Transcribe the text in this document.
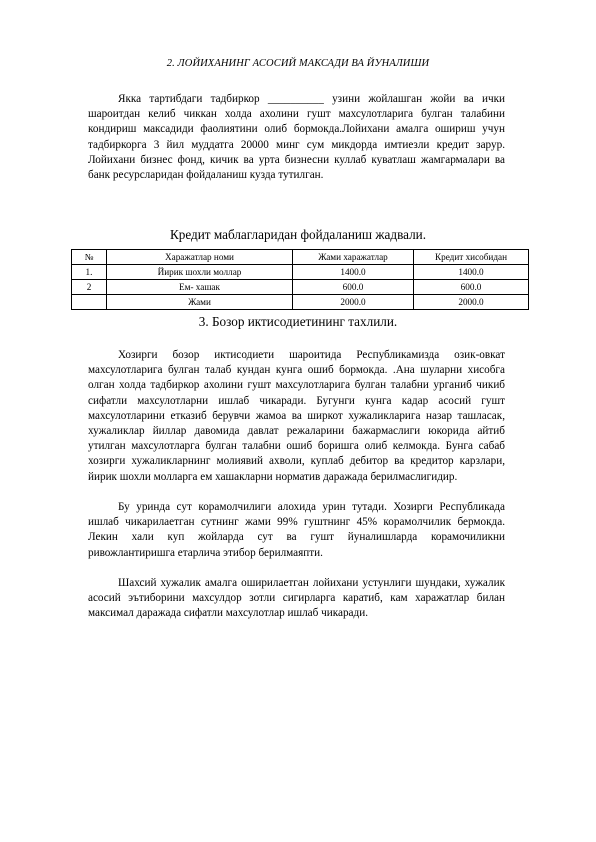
2. ЛОЙИХАНИНГ АСОСИЙ МАКСАДИ ВА ЙУНАЛИШИ

Якка тартибдаги тадбиркор __________ узини жойлашган жойи ва ички шароитдан келиб чиккан холда ахолини гушт махсулотларига булган талабини кондириш максадиди фаолиятини олиб бормокда.Лойихани амалга ошириш учун тадбиркорга 3 йил муддатга 20000 минг сум микдорда имтиезли кредит зарур. Лойихани бизнес фонд, кичик ва урта бизнесни куллаб куватлаш жамгармалари ва банк ресурсларидан фойдаланиш кузда тутилган.

Кредит маблагларидан фойдаланиш жадвали.
№	Харажатлар номи	Жами харажатлар	Кредит хисобидан
1.	Йирик шохли моллар	1400.0	1400.0
2	Ем- хашак	600.0	600.0
	Жами	2000.0	2000.0
3. Бозор иктисодиетининг тахлили.

Хозирги бозор иктисодиети шароитида Республикамизда озик-овкат махсулотларига булган талаб кундан кунга ошиб бормокда. .Ана шуларни хисобга олган холда тадбиркор ахолини гушт махсулотларига булган талабни урганиб чикиб сифатли махсулотларни ишлаб чикаради. Бугунги кунга кадар асосий гушт махсулотларини етказиб берувчи жамоа ва ширкот хужаликларига назар ташласак, хужаликлар йиллар давомида давлат режаларини бажармаслиги юкорида айтиб утилган махсулотларга булган талабни ошиб боришга олиб келмокда. Бунга сабаб хозирги хужаликларнинг молиявий ахволи, куплаб дебитор ва кредитор карзлари, йирик шохли молларга ем хашакларни норматив даражада берилмаслигидир.

Бу уринда сут корамолчилиги алохида урин тутади. Хозирги Республикада ишлаб чикарилаетган сутнинг жами 99% гуштнинг 45% корамолчилик бермокда. Лекин хали куп жойларда сут ва гушт йуналишларда корамочиликни ривожлантиришга етарлича этибор берилмаяпти.

Шахсий хужалик амалга оширилаетган лойихани устунлиги шундаки, хужалик асосий эътиборини махсулдор зотли сигирларга каратиб, кам харажатлар билан максимал даражада сифатли махсулотлар ишлаб чикаради.
